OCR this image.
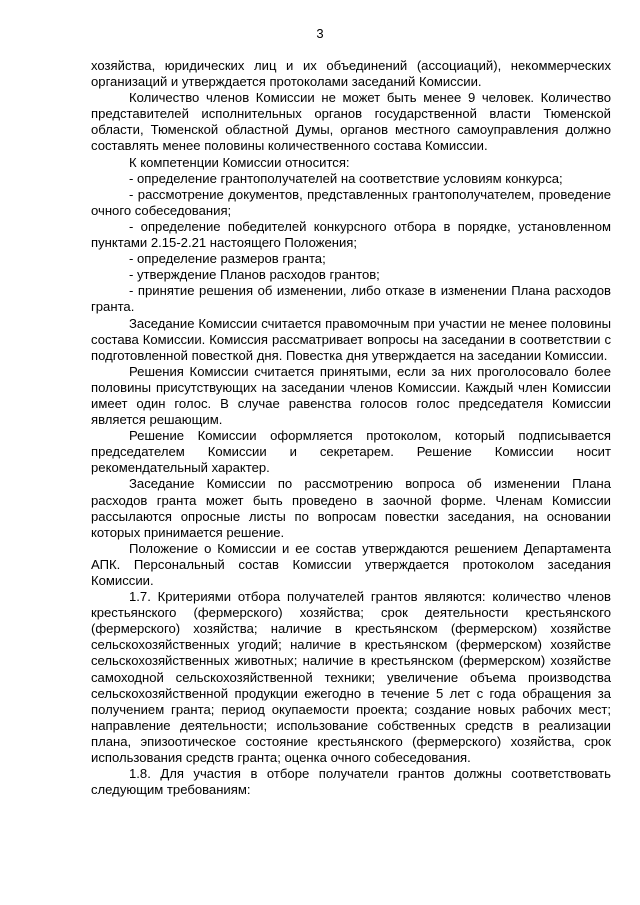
3

хозяйства, юридических лиц и их объединений (ассоциаций), некоммерческих организаций и утверждается протоколами заседаний Комиссии.

Количество членов Комиссии не может быть менее 9 человек. Количество представителей исполнительных органов государственной власти Тюменской области, Тюменской областной Думы, органов местного самоуправления должно составлять менее половины количественного состава Комиссии.

К компетенции Комиссии относится:

- определение грантополучателей на соответствие условиям конкурса;

- рассмотрение документов, представленных грантополучателем, проведение очного собеседования;

- определение победителей конкурсного отбора в порядке, установленном пунктами 2.15-2.21 настоящего Положения;

- определение размеров гранта;

- утверждение Планов расходов грантов;

- принятие решения об изменении, либо отказе в изменении Плана расходов гранта.

Заседание Комиссии считается правомочным при участии не менее половины состава Комиссии. Комиссия рассматривает вопросы на заседании в соответствии с подготовленной повесткой дня. Повестка дня утверждается на заседании Комиссии.

Решения Комиссии считается принятыми, если за них проголосовало более половины присутствующих на заседании членов Комиссии. Каждый член Комиссии имеет один голос. В случае равенства голосов голос председателя Комиссии является решающим.

Решение Комиссии оформляется протоколом, который подписывается председателем Комиссии и секретарем. Решение Комиссии носит рекомендательный характер.

Заседание Комиссии по рассмотрению вопроса об изменении Плана расходов гранта может быть проведено в заочной форме. Членам Комиссии рассылаются опросные листы по вопросам повестки заседания, на основании которых принимается решение.

Положение о Комиссии и ее состав утверждаются решением Департамента АПК. Персональный состав Комиссии утверждается протоколом заседания Комиссии.

1.7. Критериями отбора получателей грантов являются: количество членов крестьянского (фермерского) хозяйства; срок деятельности крестьянского (фермерского) хозяйства; наличие в крестьянском (фермерском) хозяйстве сельскохозяйственных угодий; наличие в крестьянском (фермерском) хозяйстве сельскохозяйственных животных; наличие в крестьянском (фермерском) хозяйстве самоходной сельскохозяйственной техники; увеличение объема производства сельскохозяйственной продукции ежегодно в течение 5 лет с года обращения за получением гранта; период окупаемости проекта; создание новых рабочих мест; направление деятельности; использование собственных средств в реализации плана, эпизоотическое состояние крестьянского (фермерского) хозяйства, срок использования средств гранта; оценка очного собеседования.

1.8. Для участия в отборе получатели грантов должны соответствовать следующим требованиям:
